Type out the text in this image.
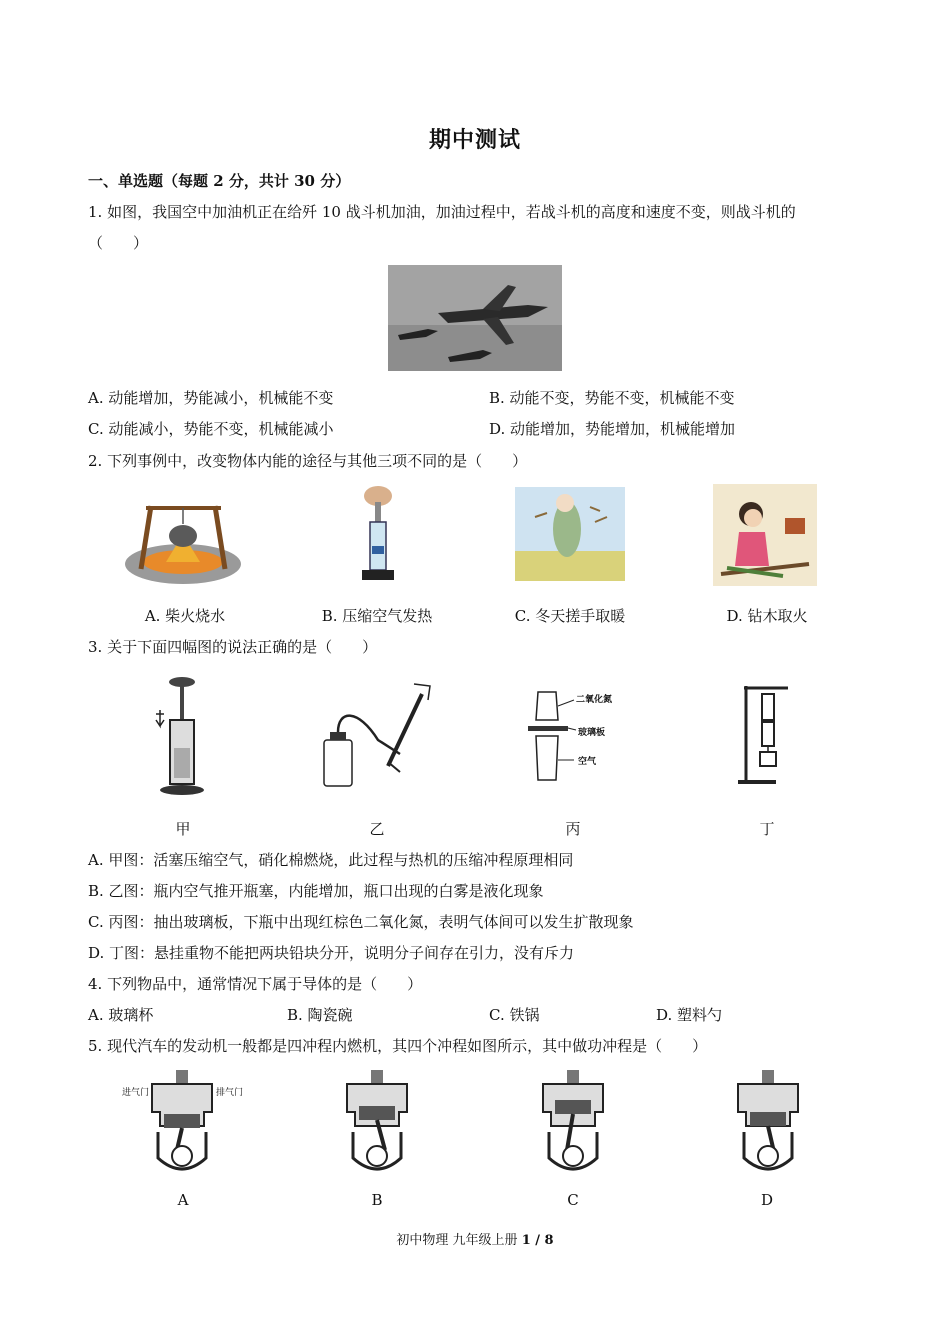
期中测试
一、单选题（每题 2 分，共计 30 分）
1. 如图，我国空中加油机正在给歼 10 战斗机加油，加油过程中，若战斗机的高度和速度不变，则战斗机的
（　　）
A. 动能增加，势能减小，机械能不变	B. 动能不变，势能不变，机械能不变
C. 动能减小，势能不变，机械能减小	D. 动能增加，势能增加，机械能增加
2. 下列事例中，改变物体内能的途径与其他三项不同的是（　　）
A. 柴火烧水	B. 压缩空气发热	C. 冬天搓手取暖	D. 钻木取火
3. 关于下面四幅图的说法正确的是（　　）
二氧化氮
玻璃板
空气
甲	乙	丙	丁
A. 甲图：活塞压缩空气，硝化棉燃烧，此过程与热机的压缩冲程原理相同
B. 乙图：瓶内空气推开瓶塞，内能增加，瓶口出现的白雾是液化现象
C. 丙图：抽出玻璃板，下瓶中出现红棕色二氧化氮，表明气体间可以发生扩散现象
D. 丁图：悬挂重物不能把两块铅块分开，说明分子间存在引力，没有斥力
4. 下列物品中，通常情况下属于导体的是（　　）
A. 玻璃杯	B. 陶瓷碗	C. 铁锅	D. 塑料勺
5. 现代汽车的发动机一般都是四冲程内燃机，其四个冲程如图所示，其中做功冲程是（　　）
进气门	排气门
A	B	C	D
初中物理 九年级上册 1 / 8
